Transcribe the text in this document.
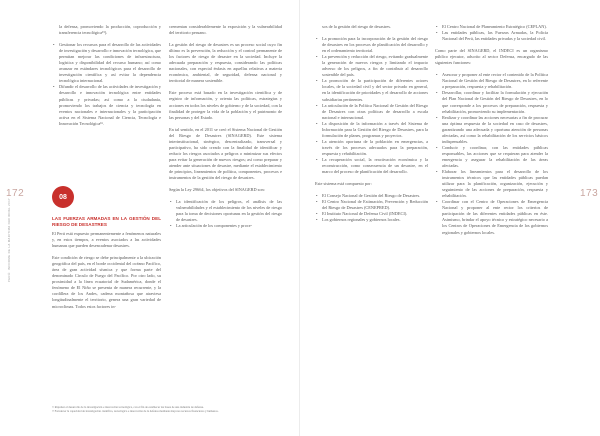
PERÚ: INFORME DE LA MARITIMA NACIONAL 2017
172

la defensa, promoviendo la producción, coproducción y transferencia tecnológica¹⁵).

• Gestionar los recursos para el desarrollo de las actividades de investigación y desarrollo e innovación tecnológica, que permitan mejorar las condiciones de infraestructura, logística y disponibilidad del recurso humano; así como avanzar en estándares tecnológicos para el desarrollo de investigación científica y así evitar la dependencia tecnológica internacional.
• Difundir el desarrollo de las actividades de investigación y desarrollo e innovación tecnológica entre entidades públicas y privadas; así como a la ciudadanía, promoviendo los trabajos de ciencia y tecnología en eventos nacionales e internacionales y la participación activa en el Sistema Nacional de Ciencia, Tecnología e Innovación Tecnológica¹⁶.
08
LAS FUERZAS ARMADAS EN LA GESTIÓN DEL RIESGO DE DESASTRES

El Perú está expuesto permanentemente a fenómenos naturales y, en estos tiempos, a eventos asociados a las actividades humanas que pueden desencadenar desastres.

Este condición de riesgo se debe principalmente a la ubicación geográfica del país, en el borde occidental del océano Pacífico, área de gran actividad sísmica y que forma parte del denominado Círculo de Fuego del Pacífico. Por otro lado, su proximidad a la línea ecuatorial de Sudamérica, donde el fenómeno de El Niño se presenta de manera recurrente, y la cordillera de los Andes, cadena montañosa que atraviesa longitudinalmente el territorio, genera una gran variedad de microclimas. Todos estos factores in-

crementan considerablemente la exposición y la vulnerabilidad del territorio peruano.

La gestión del riesgo de desastres es un proceso social cuyo fin último es la prevención, la reducción y el control permanente de los factores de riesgo de desastre en la sociedad. Incluye la adecuada preparación y respuesta, considerando las políticas nacionales, con especial énfasis en aquellas relativas a materia económica, ambiental, de seguridad, defensa nacional y territorial de manera sostenible.

Este proceso está basado en la investigación científica y de registro de información, y orienta las políticas, estrategias y acciones en todos los niveles de gobierno y de la sociedad, con la finalidad de proteger la vida de la población y el patrimonio de las personas y del Estado.

En tal sentido, en el 2011 se creó el Sistema Nacional de Gestión del Riesgo de Desastres (SINAGERD). Este sistema interinstitucional, sinérgico, descentralizado, transversal y participativo, ha sido creado con la finalidad de identificar y reducir los riesgos asociados a peligros o minimizar sus efectos para evitar la generación de nuevos riesgos; así como preparar y atender ante situaciones de desastre, mediante el establecimiento de principios, lineamientos de política, componentes, procesos e instrumentos de la gestión del riesgo de desastres.

Según la Ley 29664, los objetivos del SINAGERD son:

• La identificación de los peligros, el análisis de las vulnerabilidades y el establecimiento de los niveles de riesgo para la toma de decisiones oportunas en la gestión del riesgo de desastres.
• La articulación de los componentes y proce-
¹⁵ Impulsar el desarrollo de la investigación e innovación tecnológica, con el fin de establecer las bases de una industria de defensa.
¹⁶ Fortalecer la capacidad de investigación científica, tecnológica e innovación de la defensa mediante mayores recursos financieros y humanos.
173

sos de la gestión del riesgo de desastres.

• La promoción para la incorporación de la gestión del riesgo de desastres en los procesos de planificación del desarrollo y en el ordenamiento territorial.
• La prevención y reducción del riesgo, evitando gradualmente la generación de nuevos riesgos y limitando el impacto adverso de los peligros, a fin de contribuir al desarrollo sostenible del país.
• La promoción de la participación de diferentes actores locales, de la sociedad civil y del sector privado en general, en la identificación de prioridades y el desarrollo de acciones subsidiarias pertinentes.
• La articulación de la Política Nacional de Gestión del Riesgo de Desastres con otras políticas de desarrollo a escala nacional e internacional.
• La disposición de la información a través del Sistema de Información para la Gestión del Riesgo de Desastres, para la formulación de planes, programas y proyectos.
• La atención oportuna de la población en emergencias, a través de los procesos adecuados para la preparación, respuesta y rehabilitación.
• La recuperación social, la reactivación económica y la reconstrucción, como consecuencia de un desastre, en el marco del proceso de planificación del desarrollo.

Este sistema está compuesto por:

• El Consejo Nacional de Gestión del Riesgo de Desastres.
• El Centro Nacional de Estimación, Prevención y Reducción del Riesgo de Desastres (CENEPRED).
• El Instituto Nacional de Defensa Civil (INDECI).
• Los gobiernos regionales y gobiernos locales.
• El Centro Nacional de Planeamiento Estratégico (CEPLAN).
• Las entidades públicas, las Fuerzas Armadas, la Policía Nacional del Perú, las entidades privadas y la sociedad civil.

Como parte del SINAGERD, el INDECI es un organismo público ejecutor, adscrito al sector Defensa, encargado de las siguientes funciones:

• Asesorar y proponer al ente rector el contenido de la Política Nacional de Gestión del Riesgo de Desastres, en lo referente a preparación, respuesta y rehabilitación.
• Desarrollar, coordinar y facilitar la formulación y ejecución del Plan Nacional de Gestión del Riesgo de Desastres, en lo que corresponde a los procesos de preparación, respuesta y rehabilitación, promoviendo su implementación.
• Realizar y coordinar las acciones necesarias a fin de procurar una óptima respuesta de la sociedad en caso de desastres, garantizando una adecuada y oportuna atención de personas afectadas, así como la rehabilitación de los servicios básicos indispensables.
• Conducir y coordinar, con las entidades públicas responsables, las acciones que se requieran para atender la emergencia y asegurar la rehabilitación de las áreas afectadas.
• Elaborar los lineamientos para el desarrollo de los instrumentos técnicos que las entidades públicas puedan utilizar para la planificación, organización, ejecución y seguimiento de las acciones de preparación, respuesta y rehabilitación.
• Coordinar con el Centro de Operaciones de Emergencia Nacional y proponer al ente rector los criterios de participación de las diferentes entidades públicas en éste. Asimismo, brindar el apoyo técnico y estratégico necesario a los Centros de Operaciones de Emergencia de los gobiernos regionales y gobiernos locales.
